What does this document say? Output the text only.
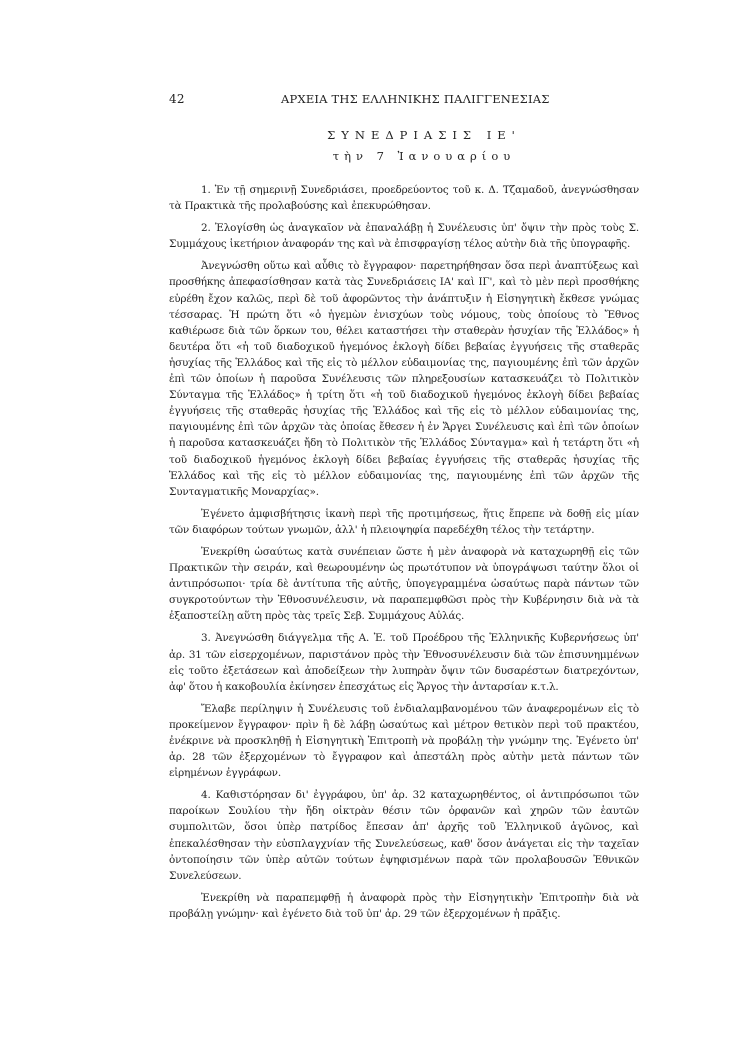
42	ΑΡΧΕΙΑ ΤΗΣ ΕΛΛΗΝΙΚΗΣ ΠΑΛΙΓΓΕΝΕΣΙΑΣ
ΣΥΝΕΔΡΙΑΣΙΣ ΙΕ'
τὴν 7 Ἰανουαρίου

1. Ἐν τῇ σημερινῇ Συνεδριάσει, προεδρεύοντος τοῦ κ. Δ. Τζαμαδοῦ, ἀνεγνώσθησαν τὰ Πρακτικὰ τῆς προλαβούσης καὶ ἐπεκυρώθησαν.

2. Ἐλογίσθη ὡς ἀναγκαῖον νὰ ἐπαναλάβῃ ἡ Συνέλευσις ὑπ' ὄψιν τὴν πρὸς τοὺς Σ. Συμμάχους ἱκετήριον ἀναφοράν της καὶ νὰ ἐπισφραγίσῃ τέλος αὐτὴν διὰ τῆς ὑπογραφῆς.

Ἀνεγνώσθη οὕτω καὶ αὖθις τὸ ἔγγραφον· παρετηρήθησαν ὅσα περὶ ἀναπτύξεως καὶ προσθήκης ἀπεφασίσθησαν κατὰ τὰς Συνεδριάσεις ΙΑ' καὶ ΙΓ', καὶ τὸ μὲν περὶ προσθήκης εὑρέθη ἔχον καλῶς, περὶ δὲ τοῦ ἀφορῶντος τὴν ἀνάπτυξιν ἡ Εἰσηγητικὴ ἔκθεσε γνώμας τέσσαρας. Ἡ πρώτη ὅτι «ὁ ἡγεμὼν ἐνισχύων τοὺς νόμους, τοὺς ὁποίους τὸ Ἔθνος καθιέρωσε διὰ τῶν ὅρκων του, θέλει καταστήσει τὴν σταθερὰν ἡσυχίαν τῆς Ἑλλάδος» ἡ δευτέρα ὅτι «ἡ τοῦ διαδοχικοῦ ἡγεμόνος ἐκλογὴ δίδει βεβαίας ἐγγυήσεις τῆς σταθερᾶς ἡσυχίας τῆς Ἑλλάδος καὶ τῆς εἰς τὸ μέλλον εὐδαιμονίας της, παγιουμένης ἐπὶ τῶν ἀρχῶν ἐπὶ τῶν ὁποίων ἡ παροῦσα Συνέλευσις τῶν πληρεξουσίων κατασκευάζει τὸ Πολιτικὸν Σύνταγμα τῆς Ἑλλάδος» ἡ τρίτη ὅτι «ἡ τοῦ διαδοχικοῦ ἡγεμόνος ἐκλογὴ δίδει βεβαίας ἐγγυήσεις τῆς σταθερᾶς ἡσυχίας τῆς Ἑλλάδος καὶ τῆς εἰς τὸ μέλλον εὐδαιμονίας της, παγιουμένης ἐπὶ τῶν ἀρχῶν τὰς ὁποίας ἔθεσεν ἡ ἐν Ἄργει Συνέλευσις καὶ ἐπὶ τῶν ὁποίων ἡ παροῦσα κατασκευάζει ἤδη τὸ Πολιτικὸν τῆς Ἑλλάδος Σύνταγμα» καὶ ἡ τετάρτη ὅτι «ἡ τοῦ διαδοχικοῦ ἡγεμόνος ἐκλογὴ δίδει βεβαίας ἐγγυήσεις τῆς σταθερᾶς ἡσυχίας τῆς Ἑλλάδος καὶ τῆς εἰς τὸ μέλλον εὐδαιμονίας της, παγιουμένης ἐπὶ τῶν ἀρχῶν τῆς Συνταγματικῆς Μοναρχίας».

Ἐγένετο ἀμφισβήτησις ἱκανὴ περὶ τῆς προτιμήσεως, ἥτις ἔπρεπε νὰ δοθῇ εἰς μίαν τῶν διαφόρων τούτων γνωμῶν, ἀλλ' ἡ πλειοψηφία παρεδέχθη τέλος τὴν τετάρτην.

Ἐνεκρίθη ὡσαύτως κατὰ συνέπειαν ὥστε ἡ μὲν ἀναφορὰ νὰ καταχωρηθῇ εἰς τῶν Πρακτικῶν τὴν σειράν, καὶ θεωρουμένην ὡς πρωτότυπον νὰ ὑπογράψωσι ταύτην ὅλοι οἱ ἀντιπρόσωποι· τρία δὲ ἀντίτυπα τῆς αὐτῆς, ὑπογεγραμμένα ὡσαύτως παρὰ πάντων τῶν συγκροτούντων τὴν Ἐθνοσυνέλευσιν, νὰ παραπεμφθῶσι πρὸς τὴν Κυβέρνησιν διὰ νὰ τὰ ἐξαποστείλῃ αὕτη πρὸς τὰς τρεῖς Σεβ. Συμμάχους Αὐλάς.

3. Ἀνεγνώσθη διάγγελμα τῆς Α. Ἐ. τοῦ Προέδρου τῆς Ἑλληνικῆς Κυβερνήσεως ὑπ' ἀρ. 31 τῶν εἰσερχομένων, παριστάνον πρὸς τὴν Ἐθνοσυνέλευσιν διὰ τῶν ἐπισυνημμένων εἰς τοῦτο ἐξετάσεων καὶ ἀποδείξεων τὴν λυπηρὰν ὄψιν τῶν δυσαρέστων διατρεχόντων, ἀφ' ὅτου ἡ κακοβουλία ἐκίνησεν ἐπεσχάτως εἰς Ἄργος τὴν ἀνταρσίαν κ.τ.λ.

Ἔλαβε περίληψιν ἡ Συνέλευσις τοῦ ἐνδιαλαμβανομένου τῶν ἀναφερομένων εἰς τὸ προκείμενον ἔγγραφον· πρὶν ἢ δὲ λάβῃ ὡσαύτως καὶ μέτρον θετικὸν περὶ τοῦ πρακτέου, ἐνέκρινε νὰ προσκληθῇ ἡ Εἰσηγητικὴ Ἐπιτροπὴ νὰ προβάλῃ τὴν γνώμην της. Ἐγένετο ὑπ' ἀρ. 28 τῶν ἐξερχομένων τὸ ἔγγραφον καὶ ἀπεστάλη πρὸς αὐτὴν μετὰ πάντων τῶν εἰρημένων ἐγγράφων.

4. Καθιστόρησαν δι' ἐγγράφου, ὑπ' ἀρ. 32 καταχωρηθέντος, οἱ ἀντιπρόσωποι τῶν παροίκων Σουλίου τὴν ἤδη οἰκτρὰν θέσιν τῶν ὀρφανῶν καὶ χηρῶν τῶν ἑαυτῶν συμπολιτῶν, ὅσοι ὑπὲρ πατρίδος ἔπεσαν ἀπ' ἀρχῆς τοῦ Ἑλληνικοῦ ἀγῶνος, καὶ ἐπεκαλέσθησαν τὴν εὐσπλαγχνίαν τῆς Συνελεύσεως, καθ' ὅσον ἀνάγεται εἰς τὴν ταχεῖαν ὀντοποίησιν τῶν ὑπὲρ αὐτῶν τούτων ἐψηφισμένων παρὰ τῶν προλαβουσῶν Ἐθνικῶν Συνελεύσεων.

Ἐνεκρίθη νὰ παραπεμφθῇ ἡ ἀναφορὰ πρὸς τὴν Εἰσηγητικὴν Ἐπιτροπὴν διὰ νὰ προβάλῃ γνώμην· καὶ ἐγένετο διὰ τοῦ ὑπ' ἀρ. 29 τῶν ἐξερχομένων ἡ πρᾶξις.
